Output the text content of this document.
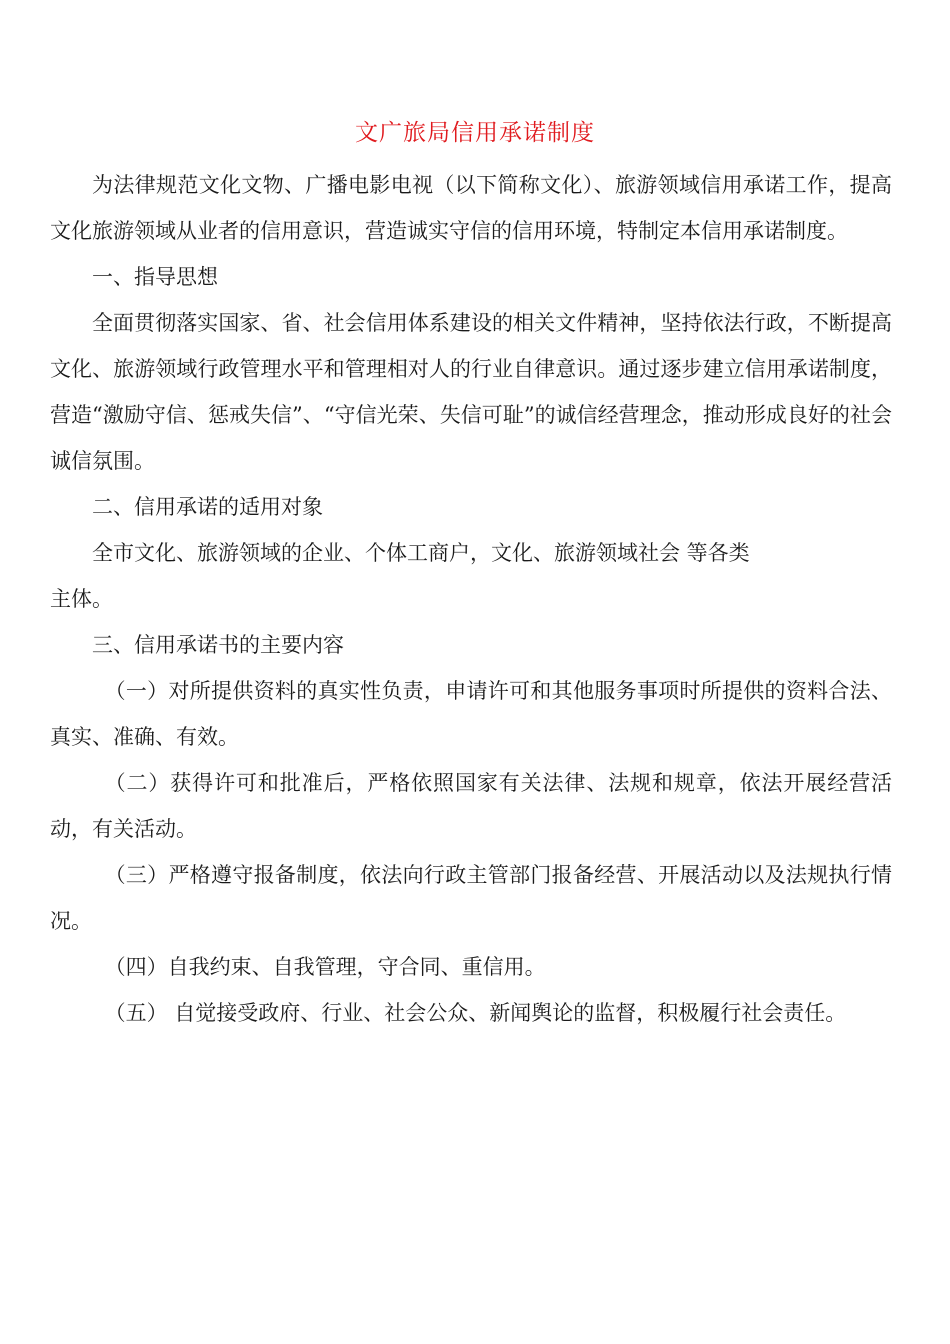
文广旅局信用承诺制度

为法律规范文化文物、广播电影电视（以下简称文化）、旅游领域信用承诺工作，提高文化旅游领域从业者的信用意识，营造诚实守信的信用环境，特制定本信用承诺制度。

一、指导思想

全面贯彻落实国家、省、社会信用体系建设的相关文件精神，坚持依法行政，不断提高文化、旅游领域行政管理水平和管理相对人的行业自律意识。通过逐步建立信用承诺制度，营造“激励守信、惩戒失信”、“守信光荣、失信可耻”的诚信经营理念，推动形成良好的社会诚信氛围。

二、信用承诺的适用对象

全市文化、旅游领域的企业、个体工商户，文化、旅游领域社会 等各类
主体。

三、信用承诺书的主要内容

（一）对所提供资料的真实性负责，申请许可和其他服务事项时所提供的资料合法、真实、准确、有效。

（二）获得许可和批准后，严格依照国家有关法律、法规和规章，依法开展经营活动，有关活动。

（三）严格遵守报备制度，依法向行政主管部门报备经营、开展活动以及法规执行情况。

（四）自我约束、自我管理，守合同、重信用。

（五） 自觉接受政府、行业、社会公众、新闻舆论的监督，积极履行社会责任。
